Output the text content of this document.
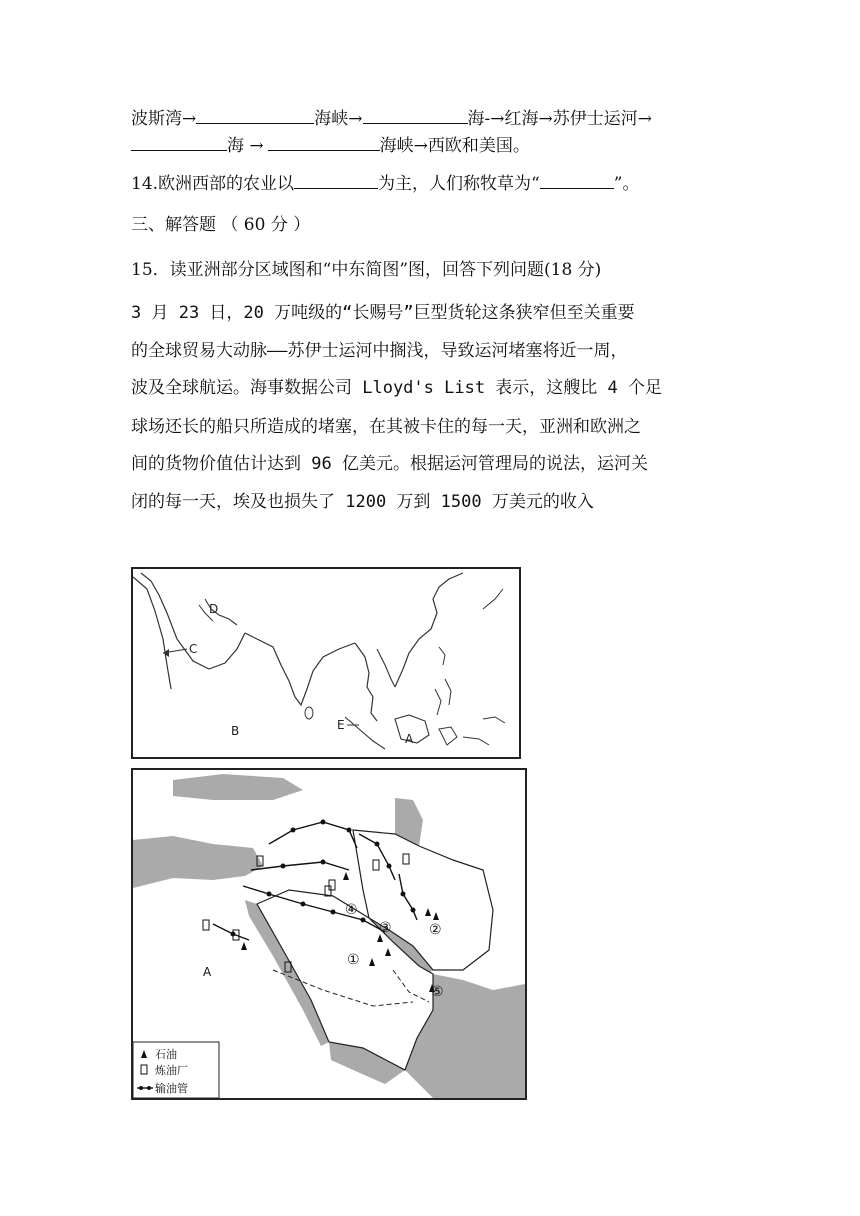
波斯湾→	海峡→	海-→红海→苏伊士运河→
海 →	海峡→西欧和美国。
14.欧洲西部的农业以	为主，人们称牧草为“	”。
三、解答题 （ 60 分 ）
15．读亚洲部分区域图和“中东简图”图，回答下列问题(18 分)
3 月 23 日，20 万吨级的“长赐号”巨型货轮这条狭窄但至关重要
的全球贸易大动脉——苏伊士运河中搁浅，导致运河堵塞将近一周，
波及全球航运。海事数据公司 Lloyd's List 表示，这艘比 4 个足
球场还长的船只所造成的堵塞，在其被卡住的每一天，亚洲和欧洲之
间的货物价值估计达到 96 亿美元。根据运河管理局的说法，运河关
闭的每一天，埃及也损失了 1200 万到 1500 万美元的收入
D
C
B	E
A
④
①
②
③
⑤
A
石油
炼油厂
输油管
